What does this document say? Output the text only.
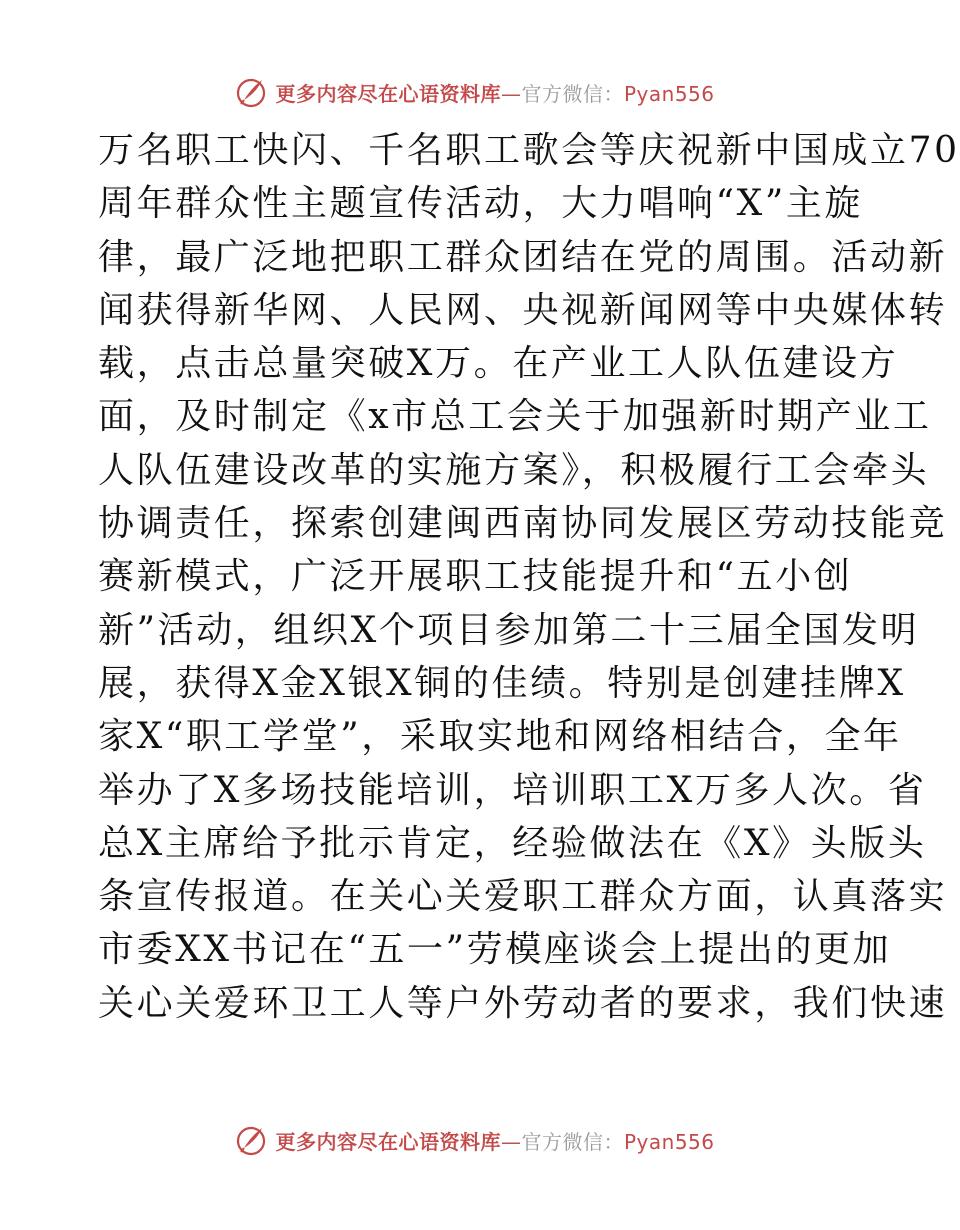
更多内容尽在心语资料库—官方微信：Pyan556
万名职工快闪、千名职工歌会等庆祝新中国成立70
周年群众性主题宣传活动，大力唱响“X”主旋
律，最广泛地把职工群众团结在党的周围。活动新
闻获得新华网、人民网、央视新闻网等中央媒体转
载，点击总量突破X万。在产业工人队伍建设方
面，及时制定《x市总工会关于加强新时期产业工
人队伍建设改革的实施方案》，积极履行工会牵头
协调责任，探索创建闽西南协同发展区劳动技能竞
赛新模式，广泛开展职工技能提升和“五小创
新”活动，组织X个项目参加第二十三届全国发明
展，获得X金X银X铜的佳绩。特别是创建挂牌X
家X“职工学堂”，采取实地和网络相结合，全年
举办了X多场技能培训，培训职工X万多人次。省
总X主席给予批示肯定，经验做法在《X》头版头
条宣传报道。在关心关爱职工群众方面，认真落实
市委XX书记在“五一”劳模座谈会上提出的更加
关心关爱环卫工人等户外劳动者的要求，我们快速
更多内容尽在心语资料库—官方微信：Pyan556
